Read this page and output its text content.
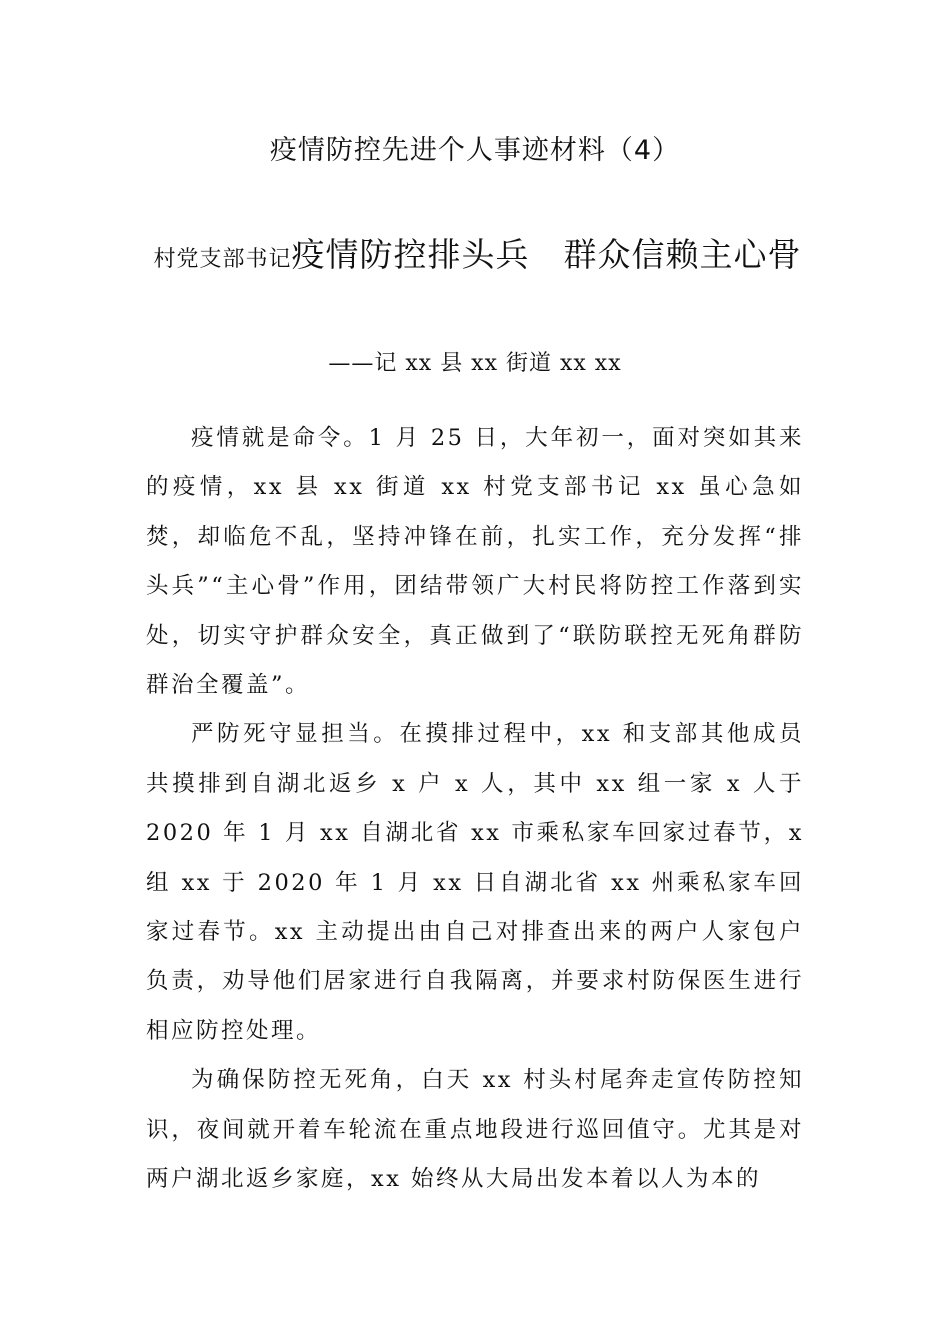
疫情防控先进个人事迹材料（4）
村党支部书记疫情防控排头兵　群众信赖主心骨
——记 xx 县 xx 街道 xx xx

疫情就是命令。1 月 25 日，大年初一，面对突如其来的疫情，xx 县 xx 街道 xx 村党支部书记 xx 虽心急如焚，却临危不乱，坚持冲锋在前，扎实工作，充分发挥“排头兵”“主心骨”作用，团结带领广大村民将防控工作落到实处，切实守护群众安全，真正做到了“联防联控无死角群防群治全覆盖”。

严防死守显担当。在摸排过程中，xx 和支部其他成员共摸排到自湖北返乡 x 户 x 人，其中 xx 组一家 x 人于 2020 年 1 月 xx 自湖北省 xx 市乘私家车回家过春节，x 组 xx 于 2020 年 1 月 xx 日自湖北省 xx 州乘私家车回家过春节。xx 主动提出由自己对排查出来的两户人家包户负责，劝导他们居家进行自我隔离，并要求村防保医生进行相应防控处理。

为确保防控无死角，白天 xx 村头村尾奔走宣传防控知识，夜间就开着车轮流在重点地段进行巡回值守。尤其是对两户湖北返乡家庭，xx 始终从大局出发本着以人为本的
